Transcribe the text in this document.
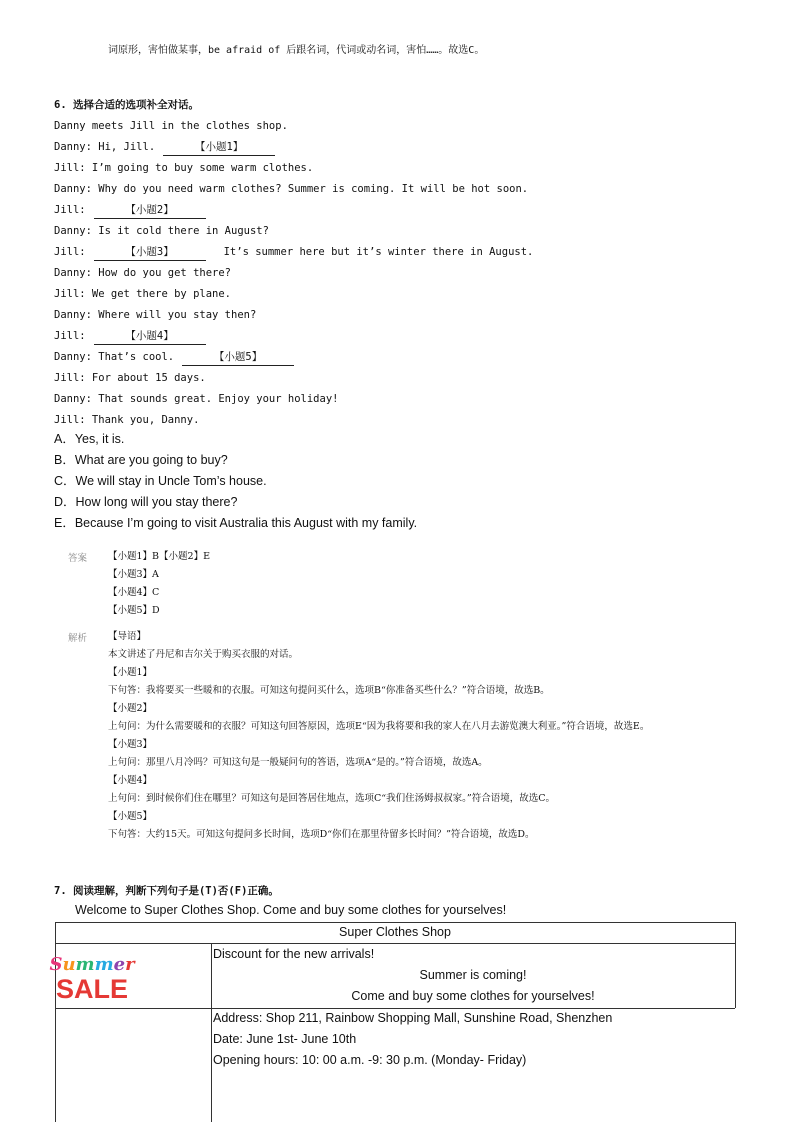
词原形，害怕做某事，be afraid of 后跟名词，代词或动名词，害怕……。故选C。
6. 选择合适的选项补全对话。
Danny meets Jill in the clothes shop.
Danny: Hi, Jill.	【小题1】
Jill: I’m going to buy some warm clothes.
Danny: Why do you need warm clothes? Summer is coming. It will be hot soon.
Jill:	【小题2】
Danny: Is it cold there in August?
Jill:	【小题3】	It’s summer here but it’s winter there in August.
Danny: How do you get there?
Jill: We get there by plane.
Danny: Where will you stay then?
Jill:	【小题4】
Danny: That’s cool.	【小题5】
Jill: For about 15 days.
Danny: That sounds great. Enjoy your holiday!
Jill: Thank you, Danny.
A．Yes, it is.
B．What are you going to buy?
C．We will stay in Uncle Tom’s house.
D．How long will you stay there?
E．Because I’m going to visit Australia this August with my family.
答案 【小题1】B【小题2】E
【小题3】A
【小题4】C
【小题5】D
解析 【导语】
本文讲述了丹尼和吉尔关于购买衣服的对话。
【小题1】
下句答：我将要买一些暖和的衣服。可知这句提问买什么，选项B“你准备买些什么？”符合语境，故选B。
【小题2】
上句问：为什么需要暖和的衣服？可知这句回答原因，选项E“因为我将要和我的家人在八月去游览澳大利亚。”符合语境，故选E。
【小题3】
上句问：那里八月冷吗？可知这句是一般疑问句的答语，选项A“是的。”符合语境，故选A。
【小题4】
上句问：到时候你们住在哪里？可知这句是回答居住地点，选项C“我们住汤姆叔叔家。”符合语境，故选C。
【小题5】
下句答：大约15天。可知这句提问多长时间，选项D“你们在那里待留多长时间？”符合语境，故选D。
7. 阅读理解，判断下列句子是(T)否(F)正确。
Welcome to Super Clothes Shop. Come and buy some clothes for yourselves!
Super Clothes Shop
Discount for the new arrivals!
Summer is coming!
Come and buy some clothes for yourselves!
Address: Shop 211, Rainbow Shopping Mall, Sunshine Road, Shenzhen
Date: June 1st- June 10th
Opening hours: 10: 00 a.m. -9: 30 p.m. (Monday- Friday)
Summer
SALE
